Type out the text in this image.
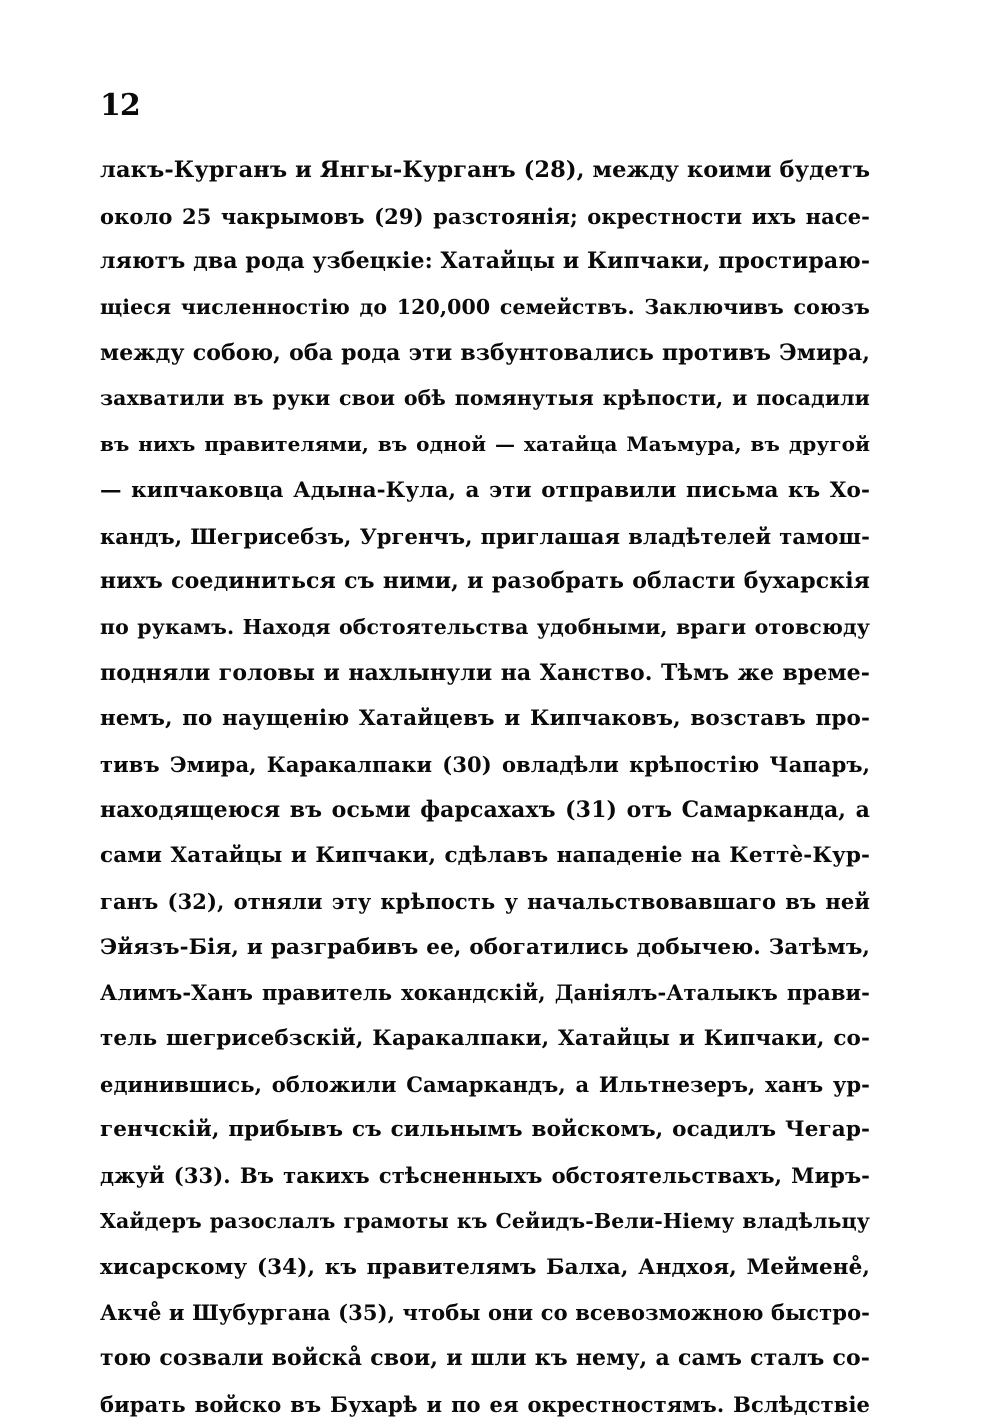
12
лакъ-Курганъ и Янгы-Курганъ (28), между коими будетъ
около 25 чакрымовъ (29) разстоянія; окрестности ихъ насе-
ляютъ два рода узбецкіе: Хатайцы и Кипчаки, простираю-
щіеся численностію до 120,000 семействъ. Заключивъ союзъ
между собою, оба рода эти взбунтовались противъ Эмира,
захватили въ руки свои обѣ помянутыя крѣпости, и посадили
въ нихъ правителями, въ одной — хатайца Маъмура, въ другой
— кипчаковца Адына-Кула, а эти отправили письма къ Хо-
кандъ, Шегрисебзъ, Ургенчъ, приглашая владѣтелей тамош-
нихъ соединиться съ ними, и разобрать области бухарскія
по рукамъ. Находя обстоятельства удобными, враги отовсюду
подняли головы и нахлынули на Ханство. Тѣмъ же време-
немъ, по наущенію Хатайцевъ и Кипчаковъ, возставъ про-
тивъ Эмира, Каракалпаки (30) овладѣли крѣпостію Чапаръ,
находящеюся въ осьми фарсахахъ (31) отъ Самарканда, а
сами Хатайцы и Кипчаки, сдѣлавъ нападеніе на Кеттè-Кур-
ганъ (32), отняли эту крѣпость у начальствовавшаго въ ней
Эйязъ-Бія, и разграбивъ ее, обогатились добычею. Затѣмъ,
Алимъ-Ханъ правитель хокандскій, Даніялъ-Аталыкъ прави-
тель шегрисебзскій, Каракалпаки, Хатайцы и Кипчаки, со-
единившись, обложили Самаркандъ, а Ильтнезеръ, ханъ ур-
генчскій, прибывъ съ сильнымъ войскомъ, осадилъ Чегар-
джуй (33). Въ такихъ стѣсненныхъ обстоятельствахъ, Миръ-
Хайдеръ разослалъ грамоты къ Сейидъ-Вели-Ніему владѣльцу
хисарскому (34), къ правителямъ Балха, Андхоя, Меймене̊,
Акче̊ и Шубургана (35), чтобы они со всевозможною быстро-
тою созвали войска̊ свои, и шли къ нему, а самъ сталъ со-
бирать войско въ Бухарѣ и по ея окрестностямъ. Вслѣдствіе
